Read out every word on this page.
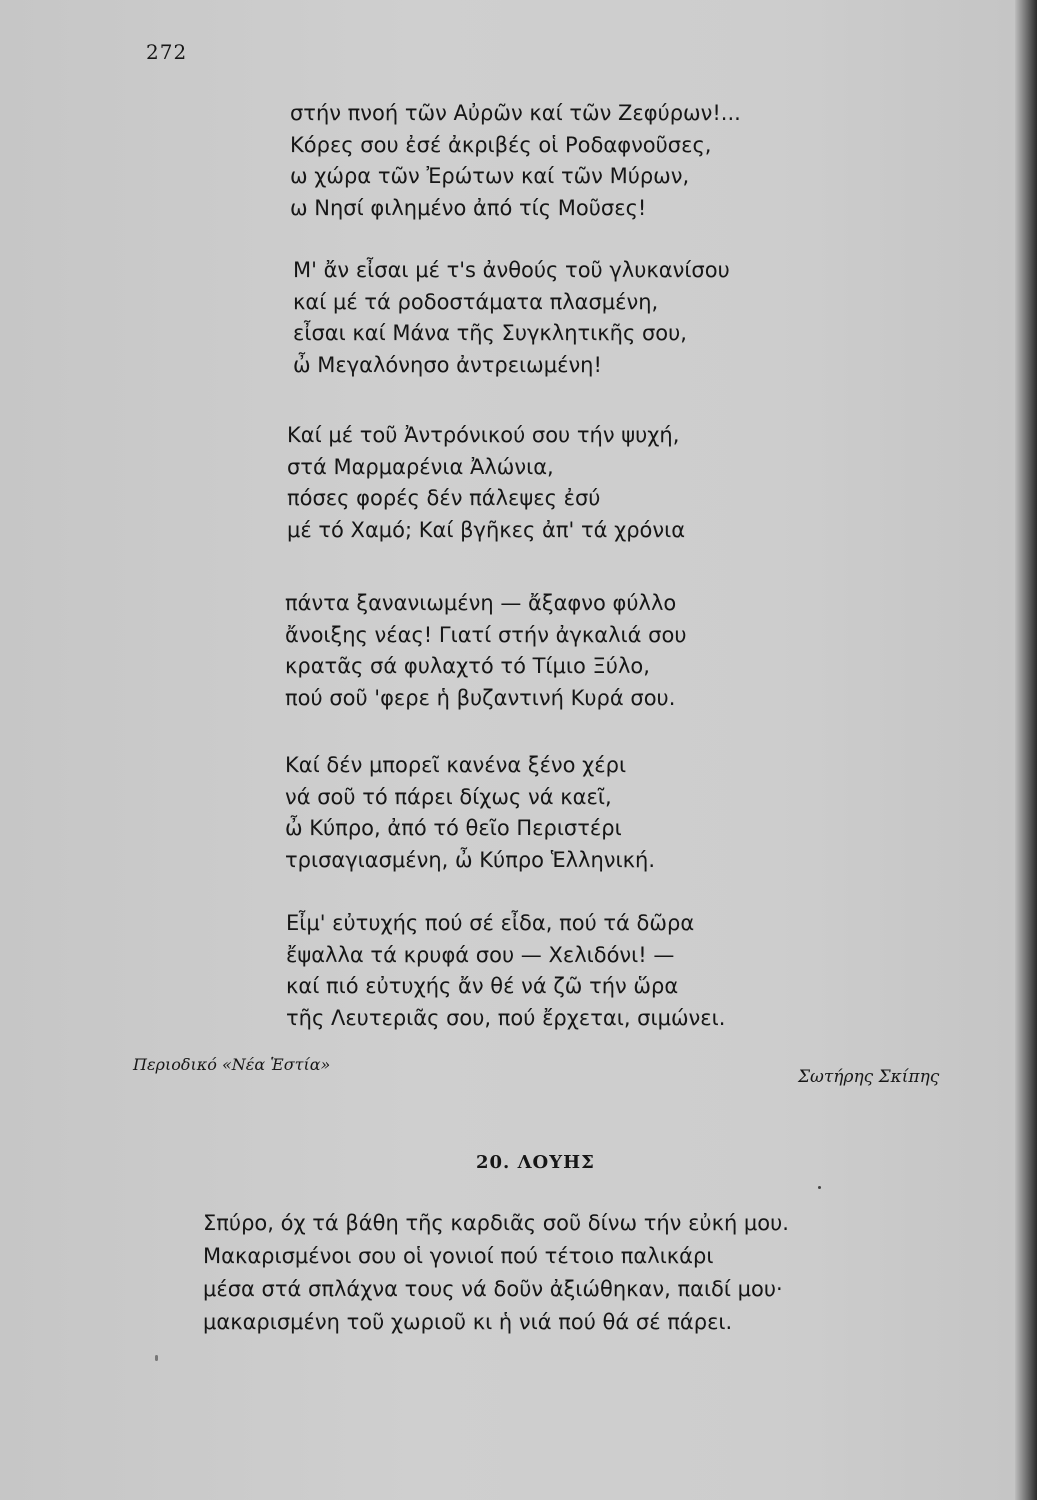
272
στήν πνοή τῶν Αὐρῶν καί τῶν Ζεφύρων!...
Κόρες σου ἐσέ ἀκριβές οἱ Ροδαφνοῦσες,
ω χώρα τῶν Ἐρώτων καί τῶν Μύρων,
ω Νησί φιλημένο ἀπό τίς Μοῦσες!
Μ' ἄν εἶσαι μέ τ's ἀνθούς τοῦ γλυκανίσου
καί μέ τά ροδοστάματα πλασμένη,
εἶσαι καί Μάνα τῆς Συγκλητικῆς σου,
ὦ Μεγαλόνησο ἀντρειωμένη!
Καί μέ τοῦ Ἀντρόνικού σου τήν ψυχή,
στά Μαρμαρένια Ἀλώνια,
πόσες φορές δέν πάλεψες ἐσύ
μέ τό Χαμό; Καί βγῆκες ἀπ' τά χρόνια
πάντα ξανανιωμένη — ἄξαφνο φύλλο
ἄνοιξης νέας! Γιατί στήν ἀγκαλιά σου
κρατᾶς σά φυλαχτό τό Τίμιο Ξύλο,
πού σοῦ 'φερε ἡ βυζαντινή Κυρά σου.
Καί δέν μπορεῖ κανένα ξένο χέρι
νά σοῦ τό πάρει δίχως νά καεῖ,
ὦ Κύπρο, ἀπό τό θεῖο Περιστέρι
τρισαγιασμένη, ὦ Κύπρο Ἑλληνική.
Εἶμ' εὐτυχής πού σέ εἶδα, πού τά δῶρα
ἔψαλλα τά κρυφά σου — Χελιδόνι! —
καί πιό εὐτυχής ἄν θέ νά ζῶ τήν ὥρα
τῆς Λευτεριᾶς σου, πού ἔρχεται, σιμώνει.
Περιοδικό «Νέα Ἑστία»
Σωτήρης Σκίπης
20. ΛΟΥΗΣ
Σπύρο, όχ τά βάθη τῆς καρδιᾶς σοῦ δίνω τήν εὐκή μου.
Μακαρισμένοι σου οἱ γονιοί πού τέτοιο παλικάρι
μέσα στά σπλάχνα τους νά δοῦν ἀξιώθηκαν, παιδί μου·
μακαρισμένη τοῦ χωριοῦ κι ἡ νιά πού θά σέ πάρει.
